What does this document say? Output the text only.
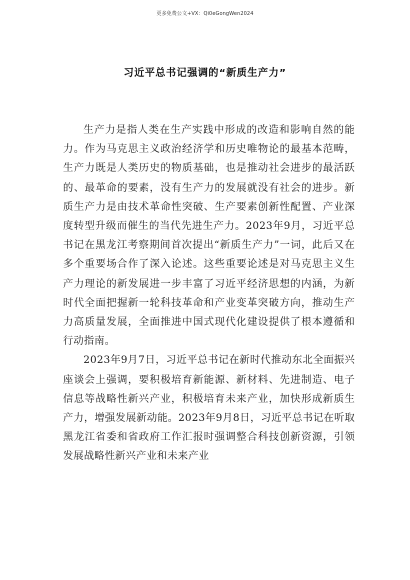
更多免费公文+VX：Qi0eGongWen2024
习近平总书记强调的“新质生产力”

生产力是指人类在生产实践中形成的改造和影响自然的能力。作为马克思主义政治经济学和历史唯物论的最基本范畴，生产力既是人类历史的物质基础，也是推动社会进步的最活跃的、最革命的要素，没有生产力的发展就没有社会的进步。新质生产力是由技术革命性突破、生产要素创新性配置、产业深度转型升级而催生的当代先进生产力。2023年9月，习近平总书记在黑龙江考察期间首次提出“新质生产力”一词，此后又在多个重要场合作了深入论述。这些重要论述是对马克思主义生产力理论的新发展进一步丰富了习近平经济思想的内涵，为新时代全面把握新一轮科技革命和产业变革突破方向，推动生产力高质量发展，全面推进中国式现代化建设提供了根本遵循和行动指南。

2023年9月7日，习近平总书记在新时代推动东北全面振兴座谈会上强调，要积极培育新能源、新材料、先进制造、电子信息等战略性新兴产业，积极培育未来产业，加快形成新质生产力，增强发展新动能。2023年9月8日，习近平总书记在听取黑龙江省委和省政府工作汇报时强调整合科技创新资源，引领发展战略性新兴产业和未来产业
